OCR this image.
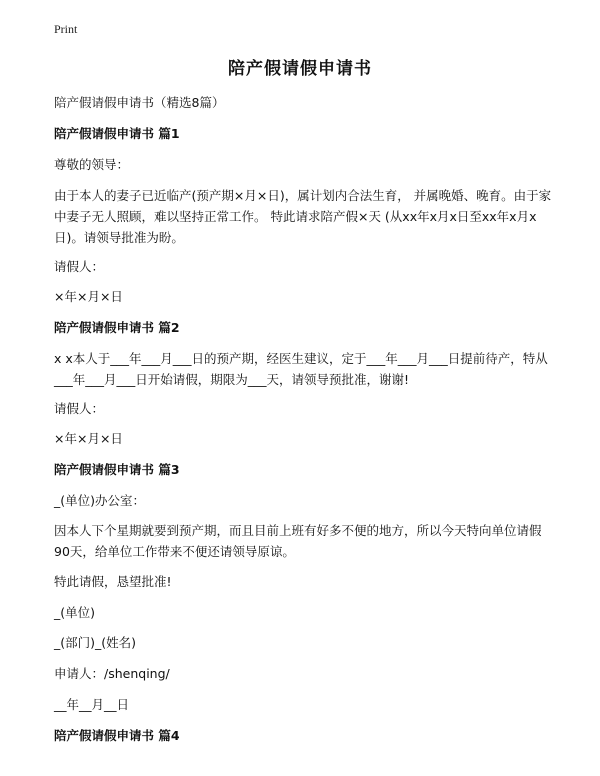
Print
陪产假请假申请书

陪产假请假申请书（精选8篇）

陪产假请假申请书 篇1

尊敬的领导：

由于本人的妻子已近临产(预产期×月×日)，属计划内合法生育， 并属晚婚、晚育。由于家中妻子无人照顾，难以坚持正常工作。 特此请求陪产假×天 (从xx年x月x日至xx年x月x日)。请领导批准为盼。

请假人：

×年×月×日

陪产假请假申请书 篇2

x x本人于___年___月___日的预产期，经医生建议，定于___年___月___日提前待产，特从___年___月___日开始请假，期限为___天，请领导预批准，谢谢!

请假人：

×年×月×日

陪产假请假申请书 篇3

_(单位)办公室：

因本人下个星期就要到预产期，而且目前上班有好多不便的地方，所以今天特向单位请假90天，给单位工作带来不便还请领导原谅。

特此请假，恳望批准!

_(单位)

_(部门)_(姓名)

申请人：/shenqing/

__年__月__日

陪产假请假申请书 篇4
